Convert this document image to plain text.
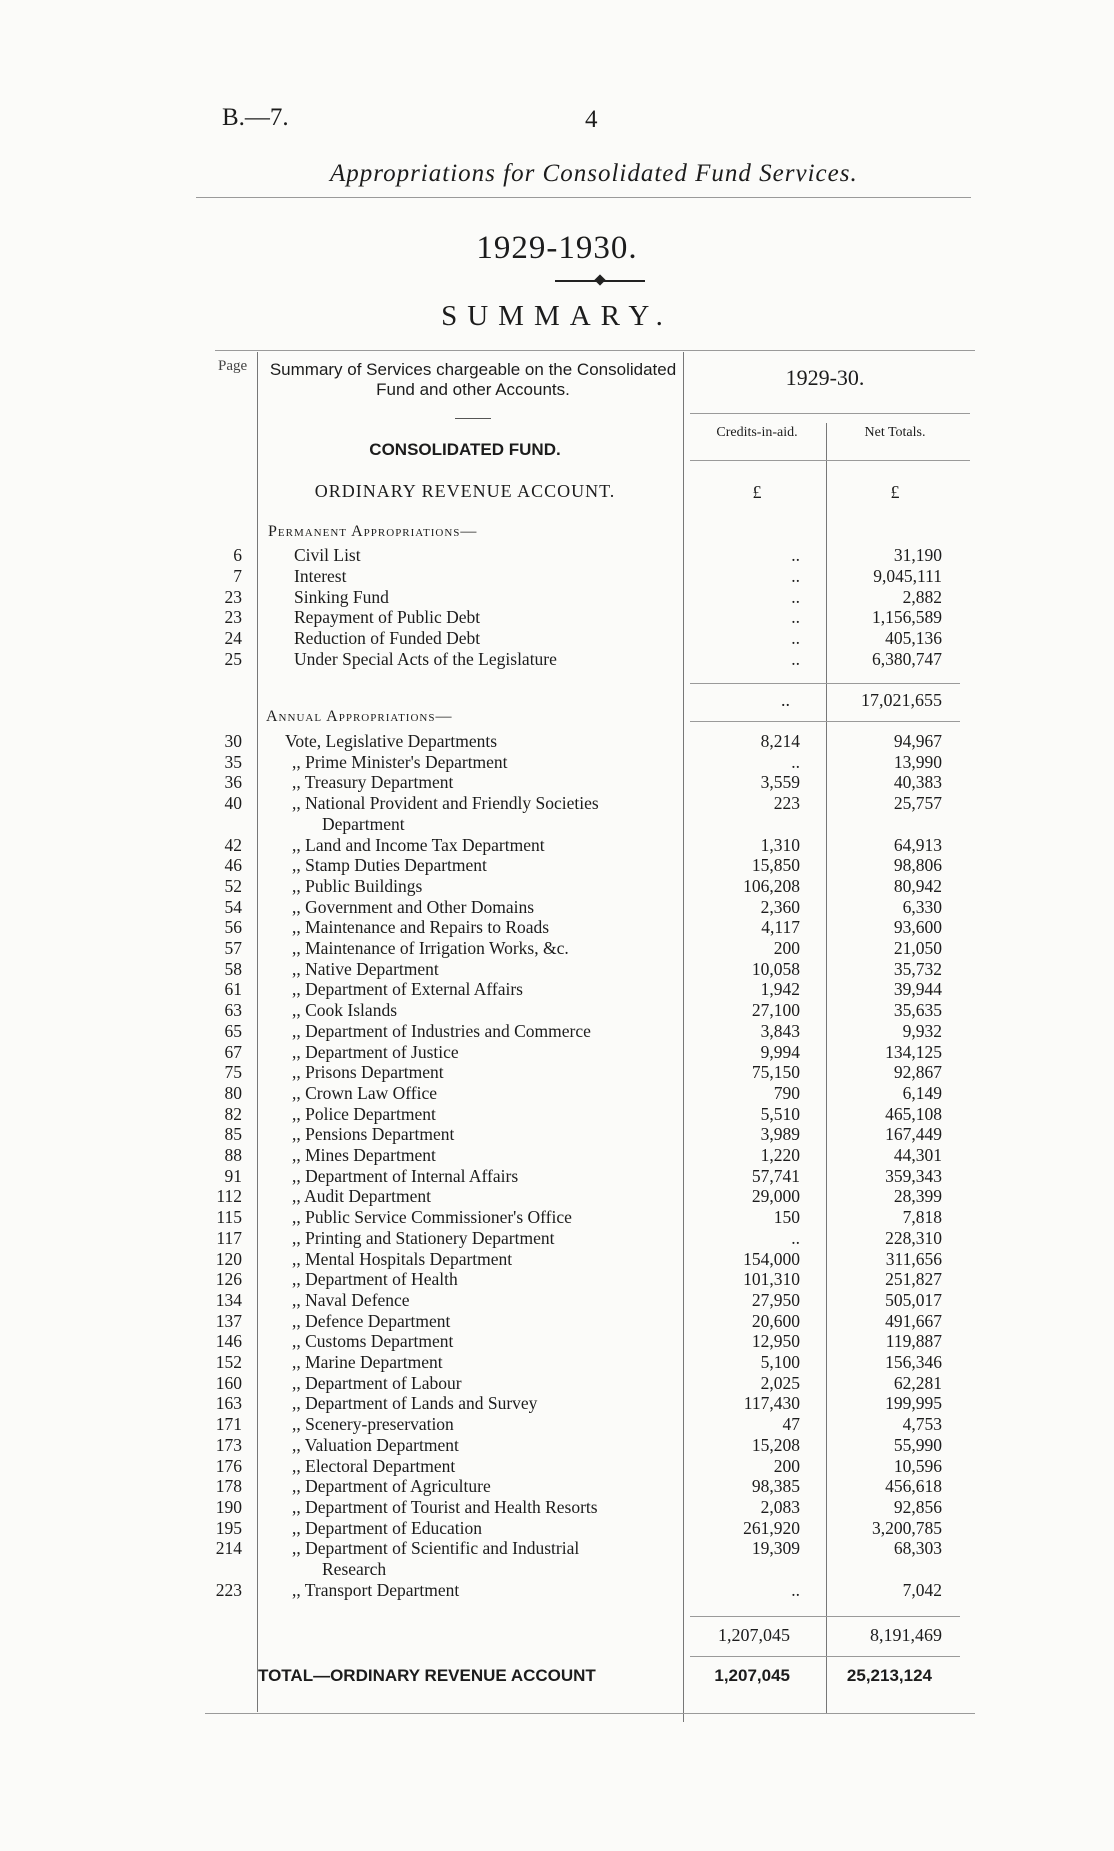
B.—7.	4
Appropriations for Consolidated Fund Services.
1929-1930.
SUMMARY.
Page Summary of Services chargeable on the Consolidated Fund and other Accounts.	1929-30.
Credits-in-aid.	Net Totals.
CONSOLIDATED FUND.
ORDINARY REVENUE ACCOUNT.	£	£
Permanent Appropriations—
6	Civil List	..	31,190
7	Interest	..	9,045,111
23	Sinking Fund	..	2,882
23	Repayment of Public Debt	..	1,156,589
24	Reduction of Funded Debt	..	405,136
25	Under Special Acts of the Legislature	..	6,380,747
..	17,021,655
Annual Appropriations—
30 Vote, Legislative Departments	8,214	94,967
35	,, Prime Minister's Department	..	13,990
36	,, Treasury Department	3,559	40,383
40	,, National Provident and Friendly Societies	223	25,757
Department
42	,, Land and Income Tax Department	1,310	64,913
46	,, Stamp Duties Department	15,850	98,806
52	,, Public Buildings	106,208	80,942
54	,, Government and Other Domains	2,360	6,330
56	,, Maintenance and Repairs to Roads	4,117	93,600
57	,, Maintenance of Irrigation Works, &c.	200	21,050
58	,, Native Department	10,058	35,732
61	,, Department of External Affairs	1,942	39,944
63	,, Cook Islands	27,100	35,635
65	,, Department of Industries and Commerce	3,843	9,932
67	,, Department of Justice	9,994	134,125
75	,, Prisons Department	75,150	92,867
80	,, Crown Law Office	790	6,149
82	,, Police Department	5,510	465,108
85	,, Pensions Department	3,989	167,449
88	,, Mines Department	1,220	44,301
91	,, Department of Internal Affairs	57,741	359,343
112	,, Audit Department	29,000	28,399
115	,, Public Service Commissioner's Office	150	7,818
117	,, Printing and Stationery Department	..	228,310
120	,, Mental Hospitals Department	154,000	311,656
126	,, Department of Health	101,310	251,827
134	,, Naval Defence	27,950	505,017
137	,, Defence Department	20,600	491,667
146	,, Customs Department	12,950	119,887
152	,, Marine Department	5,100	156,346
160	,, Department of Labour	2,025	62,281
163	,, Department of Lands and Survey	117,430	199,995
171	,, Scenery-preservation	47	4,753
173	,, Valuation Department	15,208	55,990
176	,, Electoral Department	200	10,596
178	,, Department of Agriculture	98,385	456,618
190	,, Department of Tourist and Health Resorts	2,083	92,856
195	,, Department of Education	261,920	3,200,785
214	,, Department of Scientific and Industrial	19,309	68,303
Research
223	,, Transport Department	..	7,042
1,207,045	8,191,469
TOTAL—ORDINARY REVENUE ACCOUNT	1,207,045	25,213,124
